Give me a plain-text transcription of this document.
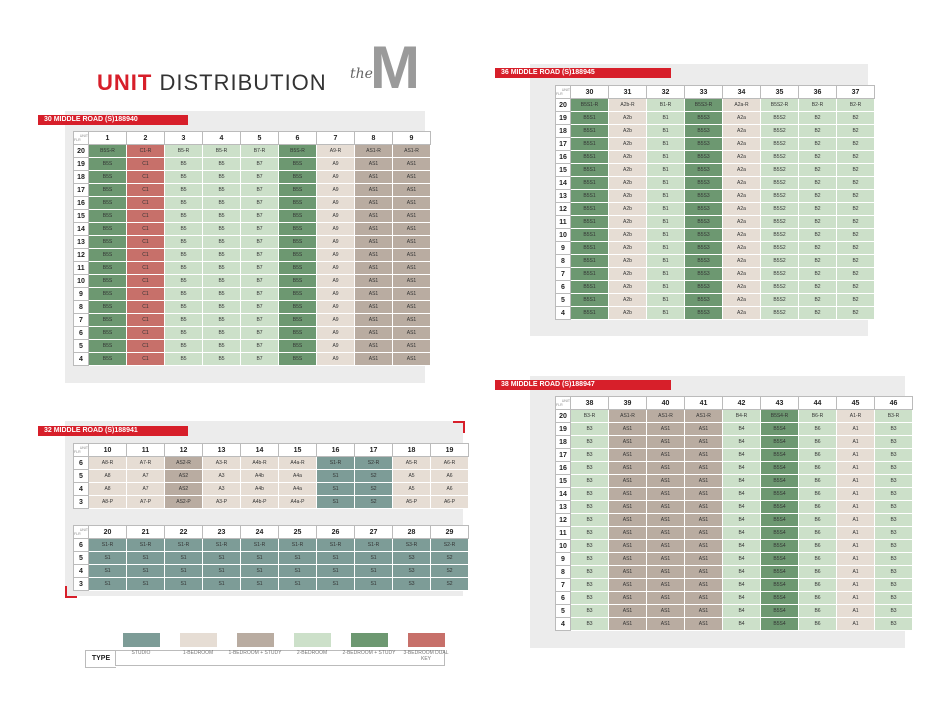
UNIT DISTRIBUTION the
M
30 MIDDLE ROAD (S)188940
UNIT
FLR	1	2	3	4	5	6	7	8	9
20	B5S-R	C1-R	B5-R	B5-R	B7-R	B5S-R	A9-R	AS1-R	AS1-R
19	B5S	C1	B5	B5	B7	B5S	A9	AS1	AS1
18	B5S	C1	B5	B5	B7	B5S	A9	AS1	AS1
17	B5S	C1	B5	B5	B7	B5S	A9	AS1	AS1
16	B5S	C1	B5	B5	B7	B5S	A9	AS1	AS1
15	B5S	C1	B5	B5	B7	B5S	A9	AS1	AS1
14	B5S	C1	B5	B5	B7	B5S	A9	AS1	AS1
13	B5S	C1	B5	B5	B7	B5S	A9	AS1	AS1
12	B5S	C1	B5	B5	B7	B5S	A9	AS1	AS1
11	B5S	C1	B5	B5	B7	B5S	A9	AS1	AS1
10	B5S	C1	B5	B5	B7	B5S	A9	AS1	AS1
9	B5S	C1	B5	B5	B7	B5S	A9	AS1	AS1
8	B5S	C1	B5	B5	B7	B5S	A9	AS1	AS1
7	B5S	C1	B5	B5	B7	B5S	A9	AS1	AS1
6	B5S	C1	B5	B5	B7	B5S	A9	AS1	AS1
5	B5S	C1	B5	B5	B7	B5S	A9	AS1	AS1
4	B5S	C1	B5	B5	B7	B5S	A9	AS1	AS1
36 MIDDLE ROAD (S)188945
UNIT
FLR	30	31	32	33	34	35	36	37
20	B5S1-R	A2b-R	B1-R	B5S3-R	A2a-R	B5S2-R	B2-R	B2-R
19	B5S1	A2b	B1	B5S3	A2a	B5S2	B2	B2
18	B5S1	A2b	B1	B5S3	A2a	B5S2	B2	B2
17	B5S1	A2b	B1	B5S3	A2a	B5S2	B2	B2
16	B5S1	A2b	B1	B5S3	A2a	B5S2	B2	B2
15	B5S1	A2b	B1	B5S3	A2a	B5S2	B2	B2
14	B5S1	A2b	B1	B5S3	A2a	B5S2	B2	B2
13	B5S1	A2b	B1	B5S3	A2a	B5S2	B2	B2
12	B5S1	A2b	B1	B5S3	A2a	B5S2	B2	B2
11	B5S1	A2b	B1	B5S3	A2a	B5S2	B2	B2
10	B5S1	A2b	B1	B5S3	A2a	B5S2	B2	B2
9	B5S1	A2b	B1	B5S3	A2a	B5S2	B2	B2
8	B5S1	A2b	B1	B5S3	A2a	B5S2	B2	B2
7	B5S1	A2b	B1	B5S3	A2a	B5S2	B2	B2
6	B5S1	A2b	B1	B5S3	A2a	B5S2	B2	B2
5	B5S1	A2b	B1	B5S3	A2a	B5S2	B2	B2
4	B5S1	A2b	B1	B5S3	A2a	B5S2	B2	B2
38 MIDDLE ROAD (S)188947
UNIT
FLR	38	39	40	41	42	43	44	45	46
20	B3-R	AS1-R	AS1-R	AS1-R	B4-R	B5S4-R	B6-R	A1-R	B3-R
19	B3	AS1	AS1	AS1	B4	B5S4	B6	A1	B3
18	B3	AS1	AS1	AS1	B4	B5S4	B6	A1	B3
17	B3	AS1	AS1	AS1	B4	B5S4	B6	A1	B3
16	B3	AS1	AS1	AS1	B4	B5S4	B6	A1	B3
15	B3	AS1	AS1	AS1	B4	B5S4	B6	A1	B3
14	B3	AS1	AS1	AS1	B4	B5S4	B6	A1	B3
13	B3	AS1	AS1	AS1	B4	B5S4	B6	A1	B3
12	B3	AS1	AS1	AS1	B4	B5S4	B6	A1	B3
11	B3	AS1	AS1	AS1	B4	B5S4	B6	A1	B3
10	B3	AS1	AS1	AS1	B4	B5S4	B6	A1	B3
9	B3	AS1	AS1	AS1	B4	B5S4	B6	A1	B3
8	B3	AS1	AS1	AS1	B4	B5S4	B6	A1	B3
7	B3	AS1	AS1	AS1	B4	B5S4	B6	A1	B3
6	B3	AS1	AS1	AS1	B4	B5S4	B6	A1	B3
5	B3	AS1	AS1	AS1	B4	B5S4	B6	A1	B3
4	B3	AS1	AS1	AS1	B4	B5S4	B6	A1	B3
32 MIDDLE ROAD (S)188941
UNIT
FLR	10	11	12	13	14	15	16	17	18	19
6	A8-R	A7-R	AS2-R	A3-R	A4b-R	A4a-R	S1-R	S2-R	A5-R	A6-R
5	A8	A7	AS2	A3	A4b	A4a	S1	S2	A5	A6
4	A8	A7	AS2	A3	A4b	A4a	S1	S2	A5	A6
3	A8-P	A7-P	AS2-P	A3-P	A4b-P	A4a-P	S1	S2	A5-P	A6-P
UNIT
FLR	20	21	22	23	24	25	26	27	28	29
6	S1-R	S1-R	S1-R	S1-R	S1-R	S1-R	S1-R	S1-R	S3-R	S2-R
5	S1	S1	S1	S1	S1	S1	S1	S1	S3	S2
4	S1	S1	S1	S1	S1	S1	S1	S1	S3	S2
3	S1	S1	S1	S1	S1	S1	S1	S1	S3	S2
TYPE
STUDIO	1-BEDROOM	1-BEDROOM + STUDY	2-BEDROOM	2-BEDROOM + STUDY	3-BEDROOM DUAL KEY
